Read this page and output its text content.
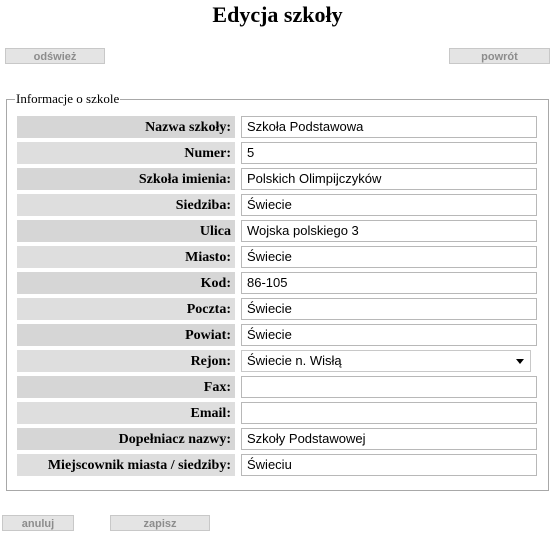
Edycja szkoły
odśwież	powrót
Informacje o szkole
Nazwa szkoły:	Szkoła Podstawowa
Numer:	5
Szkoła imienia:	Polskich Olimpijczyków
Siedziba:	Świecie
Ulica	Wojska polskiego 3
Miasto:	Świecie
Kod:	86-105
Poczta:	Świecie
Powiat:	Świecie
Rejon:	Świecie n. Wisłą
Fax:
Email:
Dopełniacz nazwy:	Szkoły Podstawowej
Miejscownik miasta / siedziby:	Świeciu
anuluj	zapisz
